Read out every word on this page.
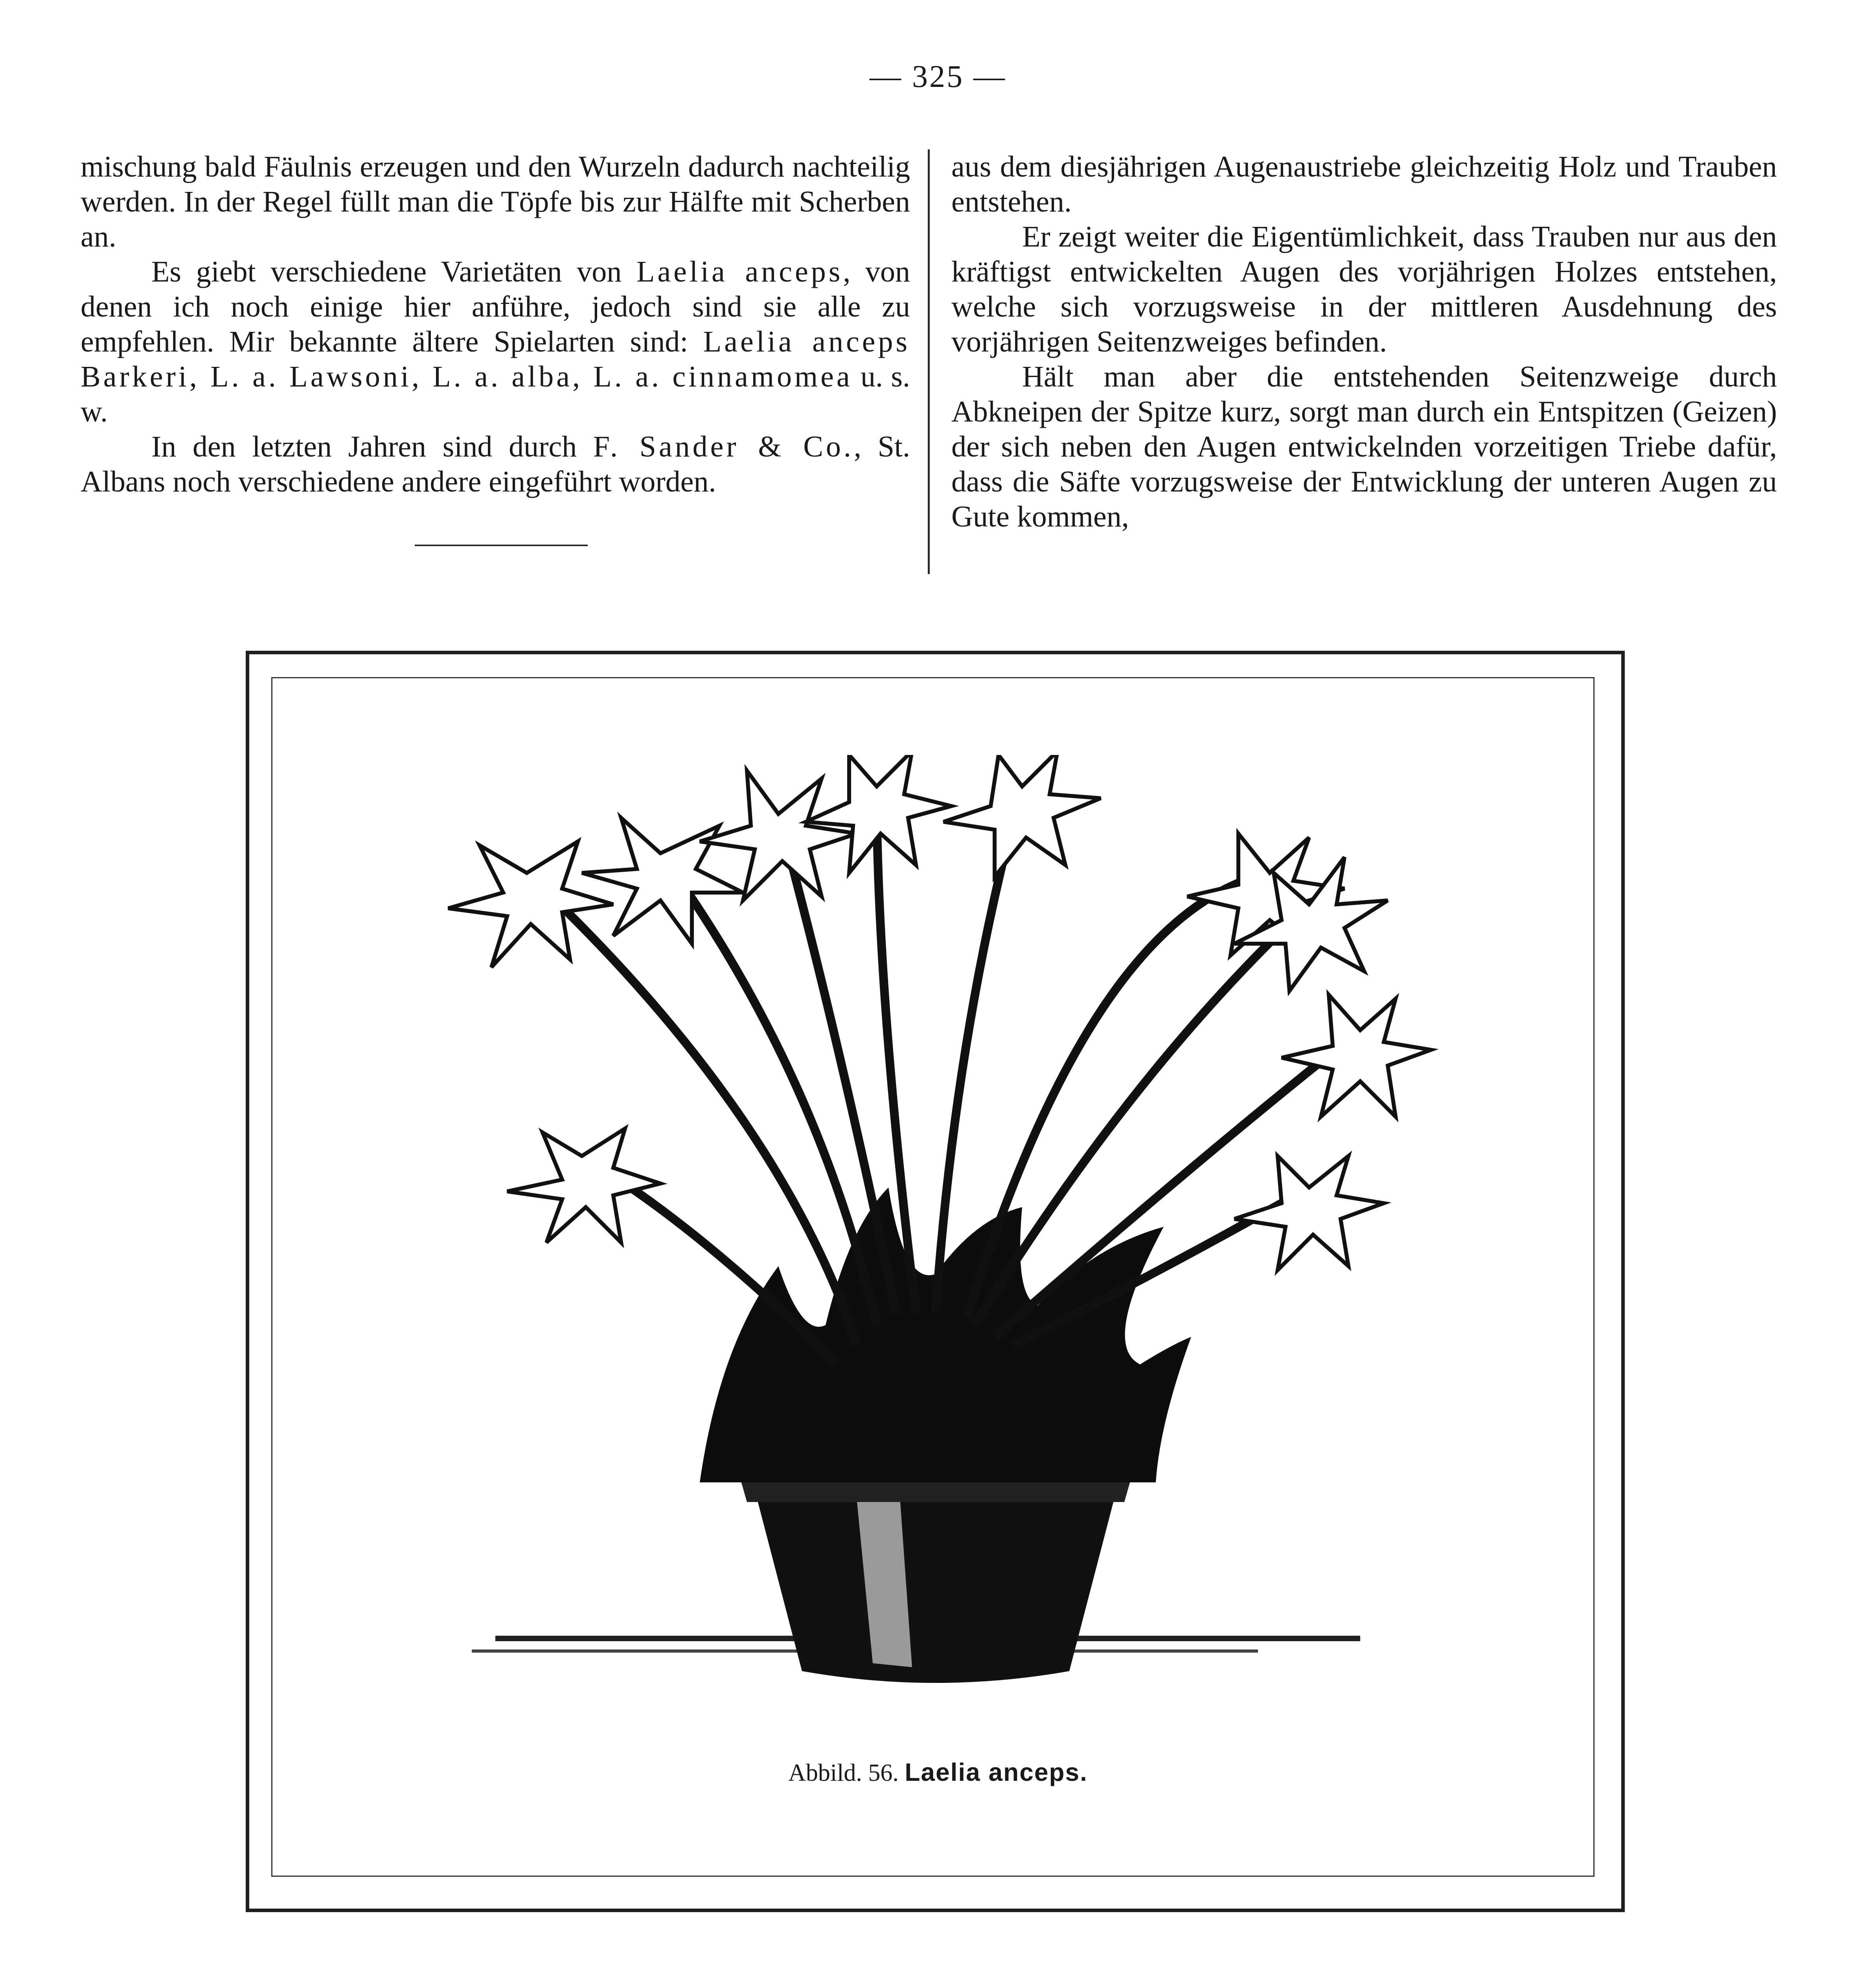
— 325 —

mischung bald Fäulnis erzeugen und den Wurzeln dadurch nachteilig werden. In der Regel füllt man die Töpfe bis zur Hälfte mit Scherben an.

Es giebt verschiedene Varietäten von Laelia anceps, von denen ich noch einige hier anführe, jedoch sind sie alle zu empfehlen. Mir bekannte ältere Spielarten sind: Laelia anceps Barkeri, L. a. Lawsoni, L. a. alba, L. a. cinnamomea u. s. w.

In den letzten Jahren sind durch F. Sander & Co., St. Albans noch verschiedene andere eingeführt worden.

aus dem diesjährigen Augenaustriebe gleichzeitig Holz und Trauben entstehen.

Er zeigt weiter die Eigentümlichkeit, dass Trauben nur aus den kräftigst entwickelten Augen des vorjährigen Holzes entstehen, welche sich vorzugsweise in der mittleren Ausdehnung des vorjährigen Seitenzweiges befinden.

Hält man aber die entstehenden Seitenzweige durch Abkneipen der Spitze kurz, sorgt man durch ein Entspitzen (Geizen) der sich neben den Augen entwickelnden vorzeitigen Triebe dafür, dass die Säfte vorzugsweise der Entwicklung der unteren Augen zu Gute kommen,

Abbild. 56. Laelia anceps.
